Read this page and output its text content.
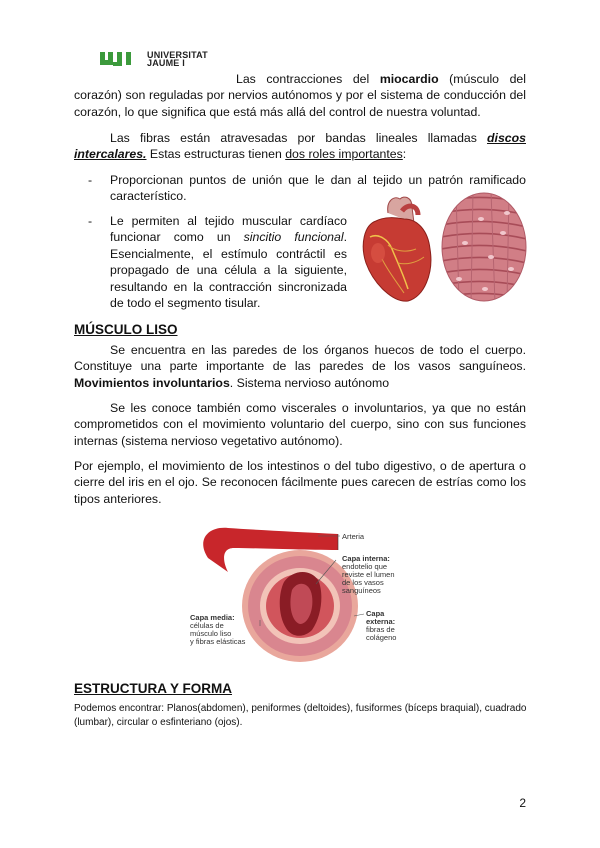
UNIVERSITAT
JAUME I
Las contracciones del miocardio (músculo del corazón) son reguladas por nervios autónomos y por el sistema de conducción del corazón, lo que significa que está más allá del control de nuestra voluntad.
Las fibras están atravesadas por bandas lineales llamadas discos intercalares. Estas estructuras tienen dos roles importantes:
- Proporcionan puntos de unión que le dan al tejido un patrón ramificado característico.
- Le permiten al tejido muscular cardíaco funcionar como un sincitio funcional. Esencialmente, el estímulo contráctil es propagado de una célula a la siguiente, resultando en la contracción sincronizada de todo el segmento tisular.
MÚSCULO LISO
Se encuentra en las paredes de los órganos huecos de todo el cuerpo. Constituye una parte importante de las paredes de los vasos sanguíneos. Movimientos involuntarios. Sistema nervioso autónomo
Se les conoce también como viscerales o involuntarios, ya que no están comprometidos con el movimiento voluntario del cuerpo, sino con sus funciones internas (sistema nervioso vegetativo autónomo).
Por ejemplo, el movimiento de los intestinos o del tubo digestivo, o de apertura o cierre del iris en el ojo. Se reconocen fácilmente pues carecen de estrías como los tipos anteriores.
Arteria
Capa interna:
endotelio que
reviste el lumen
de los vasos
sanguíneos
Capa media:
células de
músculo liso
y fibras elásticas
Capa
externa:
fibras de
colágeno
ESTRUCTURA Y FORMA
Podemos encontrar: Planos(abdomen), peniformes (deltoides), fusiformes (bíceps braquial), cuadrado (lumbar), circular o esfinteriano (ojos).
2
